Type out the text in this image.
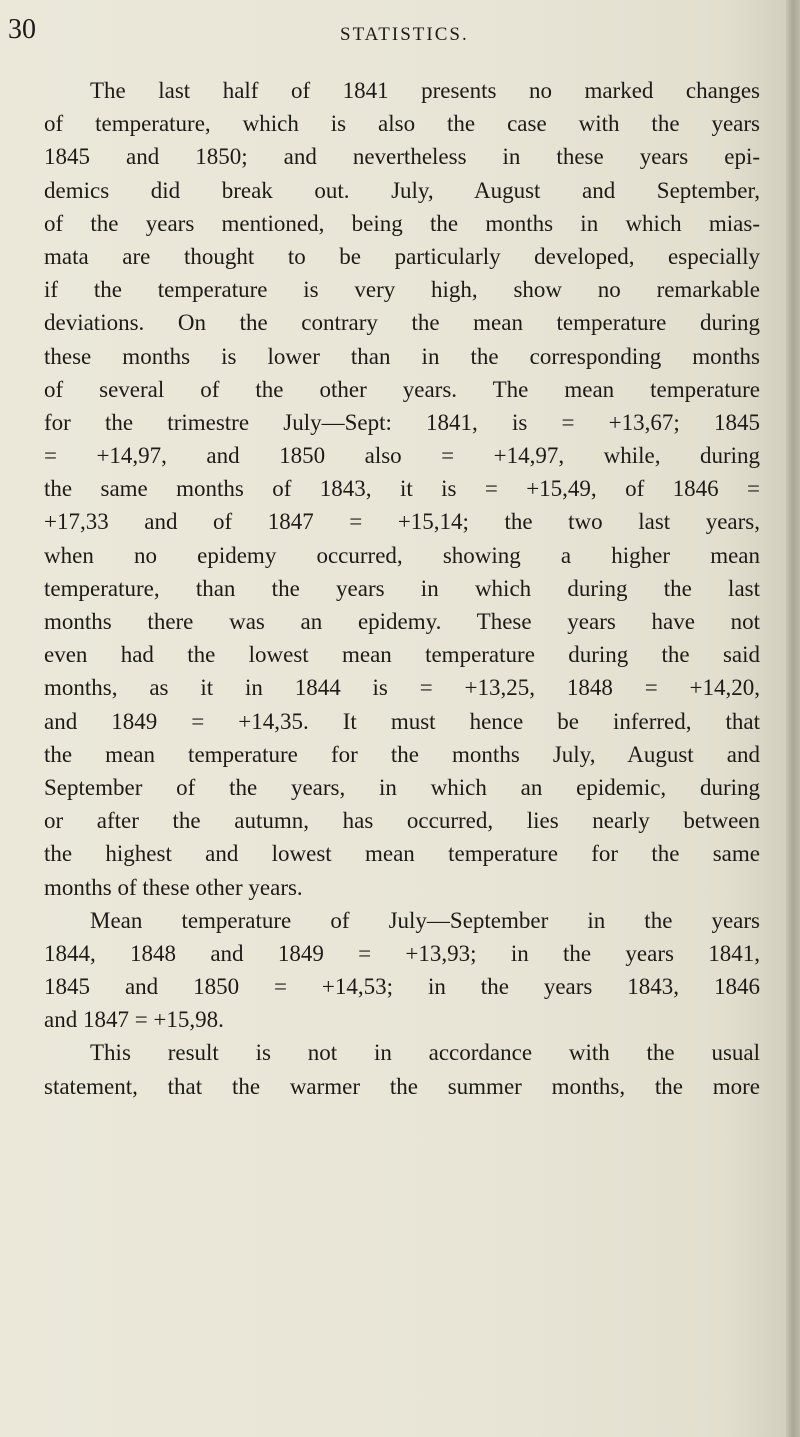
30	STATISTICS.

The last half of 1841 presents no marked changes
of temperature, which is also the case with the years
1845 and 1850; and nevertheless in these years epi-
demics did break out. July, August and September,
of the years mentioned, being the months in which mias-
mata are thought to be particularly developed, especially
if the temperature is very high, show no remarkable
deviations. On the contrary the mean temperature during
these months is lower than in the corresponding months
of several of the other years. The mean temperature
for the trimestre July—Sept: 1841, is = +13,67; 1845
= +14,97, and 1850 also = +14,97, while, during
the same months of 1843, it is = +15,49, of 1846 =
+17,33 and of 1847 = +15,14; the two last years,
when no epidemy occurred, showing a higher mean
temperature, than the years in which during the last
months there was an epidemy. These years have not
even had the lowest mean temperature during the said
months, as it in 1844 is = +13,25, 1848 = +14,20,
and 1849 = +14,35. It must hence be inferred, that
the mean temperature for the months July, August and
September of the years, in which an epidemic, during
or after the autumn, has occurred, lies nearly between
the highest and lowest mean temperature for the same
months of these other years.
Mean temperature of July—September in the years
1844, 1848 and 1849 = +13,93; in the years 1841,
1845 and 1850 = +14,53; in the years 1843, 1846
and 1847 = +15,98.
This result is not in accordance with the usual
statement, that the warmer the summer months, the more
